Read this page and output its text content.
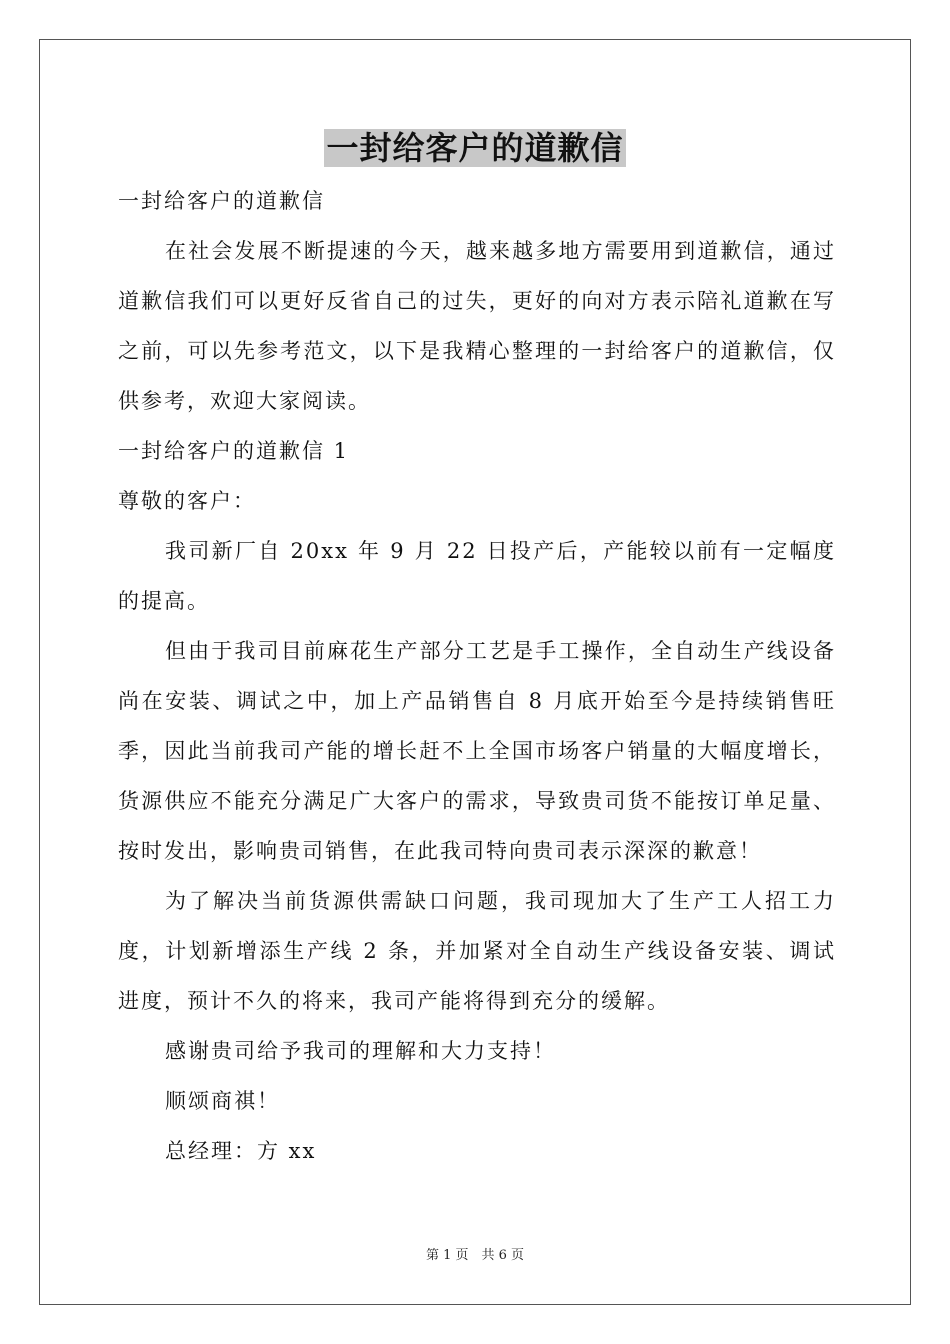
一封给客户的道歉信
一封给客户的道歉信
在社会发展不断提速的今天，越来越多地方需要用到道歉信，通过道歉信我们可以更好反省自己的过失，更好的向对方表示陪礼道歉在写之前，可以先参考范文，以下是我精心整理的一封给客户的道歉信，仅供参考，欢迎大家阅读。
一封给客户的道歉信 1
尊敬的客户：
我司新厂自 20xx 年 9 月 22 日投产后，产能较以前有一定幅度的提高。
但由于我司目前麻花生产部分工艺是手工操作，全自动生产线设备尚在安装、调试之中，加上产品销售自 8 月底开始至今是持续销售旺季，因此当前我司产能的增长赶不上全国市场客户销量的大幅度增长，货源供应不能充分满足广大客户的需求，导致贵司货不能按订单足量、按时发出，影响贵司销售，在此我司特向贵司表示深深的歉意！
为了解决当前货源供需缺口问题，我司现加大了生产工人招工力度，计划新增添生产线 2 条，并加紧对全自动生产线设备安装、调试进度，预计不久的将来，我司产能将得到充分的缓解。
感谢贵司给予我司的理解和大力支持！
顺颂商祺！
总经理：方 xx
第 1 页　共 6 页
